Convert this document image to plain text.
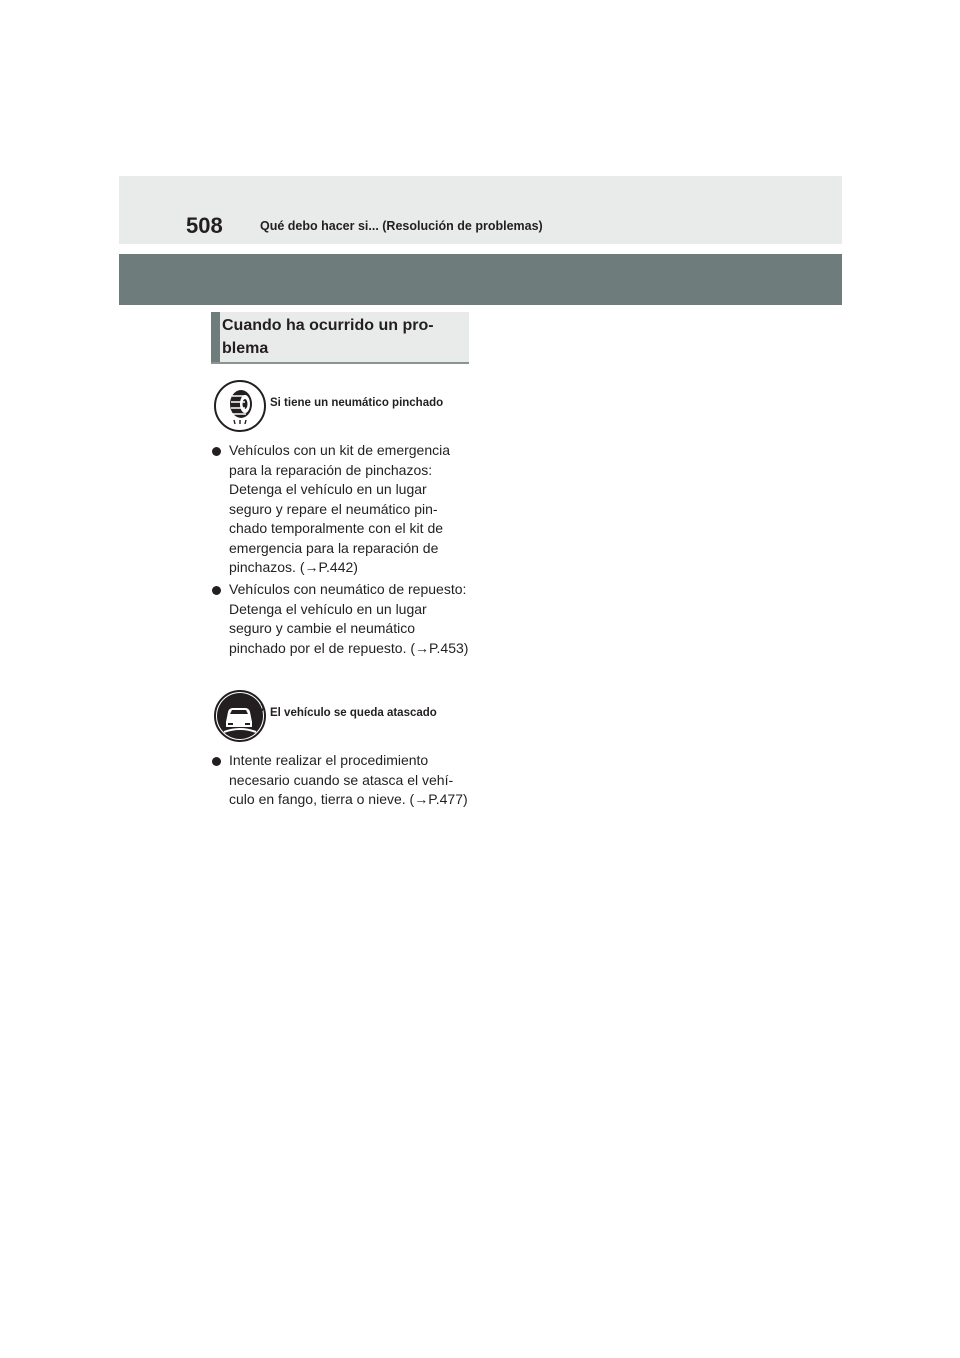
508	Qué debo hacer si... (Resolución de problemas)
Cuando ha ocurrido un pro-blema
Si tiene un neumático pinchado
Vehículos con un kit de emergencia para la reparación de pinchazos: Detenga el vehículo en un lugar seguro y repare el neumático pin-chado temporalmente con el kit de emergencia para la reparación de pinchazos. (→P.442)
Vehículos con neumático de repuesto: Detenga el vehículo en un lugar seguro y cambie el neumático pinchado por el de repuesto. (→P.453)
El vehículo se queda atascado
Intente realizar el procedimiento necesario cuando se atasca el vehí-culo en fango, tierra o nieve. (→P.477)
